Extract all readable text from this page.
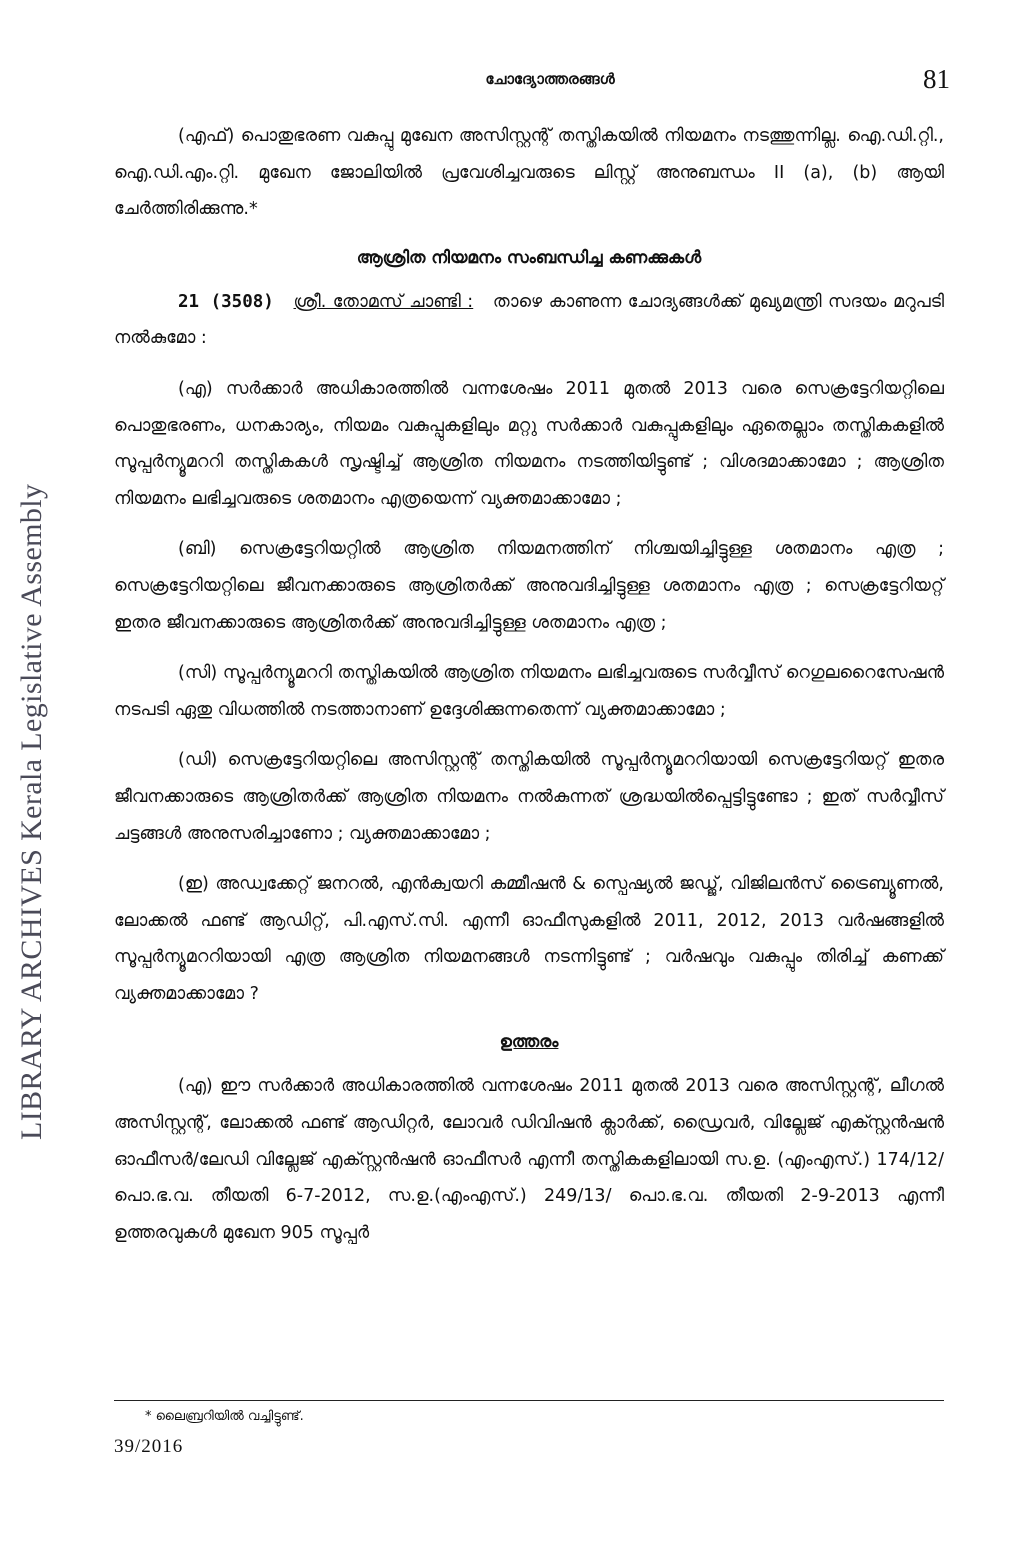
LIBRARY ARCHIVES Kerala Legislative Assembly
ചോദ്യോത്തരങ്ങൾ	81

(എഫ്) പൊതുഭരണ വകുപ്പു മുഖേന അസിസ്റ്റന്റ് തസ്തികയിൽ നിയമനം നടത്തുന്നില്ല. ഐ.ഡി.റ്റി., ഐ.ഡി.എം.റ്റി. മുഖേന ജോലിയിൽ പ്രവേശിച്ചവരുടെ ലിസ്റ്റ് അനുബന്ധം II (a), (b) ആയി ചേർത്തിരിക്കുന്നു.*

ആശ്രിത നിയമനം സംബന്ധിച്ച കണക്കുകൾ

21 (3508) ശ്രീ. തോമസ് ചാണ്ടി : താഴെ കാണുന്ന ചോദ്യങ്ങൾക്ക് മുഖ്യമന്ത്രി സദയം മറുപടി നൽകുമോ :

(എ) സർക്കാർ അധികാരത്തിൽ വന്നശേഷം 2011 മുതൽ 2013 വരെ സെക്രട്ടേറിയറ്റിലെ പൊതുഭരണം, ധനകാര്യം, നിയമം വകുപ്പുകളിലും മറ്റു സർക്കാർ വകുപ്പുകളിലും ഏതെല്ലാം തസ്തികകളിൽ സൂപ്പർന്യൂമററി തസ്തികകൾ സൃഷ്ടിച്ച് ആശ്രിത നിയമനം നടത്തിയിട്ടുണ്ട് ; വിശദമാക്കാമോ ; ആശ്രിത നിയമനം ലഭിച്ചവരുടെ ശതമാനം എത്രയെന്ന് വ്യക്തമാക്കാമോ ;

(ബി) സെക്രട്ടേറിയറ്റിൽ ആശ്രിത നിയമനത്തിന് നിശ്ചയിച്ചിട്ടുള്ള ശതമാനം എത്ര ; സെക്രട്ടേറിയറ്റിലെ ജീവനക്കാരുടെ ആശ്രിതർക്ക് അനുവദിച്ചിട്ടുള്ള ശതമാനം എത്ര ; സെക്രട്ടേറിയറ്റ് ഇതര ജീവനക്കാരുടെ ആശ്രിതർക്ക് അനുവദിച്ചിട്ടുള്ള ശതമാനം എത്ര ;

(സി) സൂപ്പർന്യൂമററി തസ്തികയിൽ ആശ്രിത നിയമനം ലഭിച്ചവരുടെ സർവ്വീസ് റെഗുലറൈസേഷൻ നടപടി ഏതു വിധത്തിൽ നടത്താനാണ് ഉദ്ദേശിക്കുന്നതെന്ന് വ്യക്തമാക്കാമോ ;

(ഡി) സെക്രട്ടേറിയറ്റിലെ അസിസ്റ്റന്റ് തസ്തികയിൽ സൂപ്പർന്യൂമററിയായി സെക്രട്ടേറിയറ്റ് ഇതര ജീവനക്കാരുടെ ആശ്രിതർക്ക് ആശ്രിത നിയമനം നൽകുന്നത് ശ്രദ്ധയിൽപ്പെട്ടിട്ടുണ്ടോ ; ഇത് സർവ്വീസ് ചട്ടങ്ങൾ അനുസരിച്ചാണോ ; വ്യക്തമാക്കാമോ ;

(ഇ) അഡ്വക്കേറ്റ് ജനറൽ, എൻക്വയറി കമ്മീഷൻ & സ്പെഷ്യൽ ജഡ്ജ്, വിജിലൻസ് ട്രൈബ്യൂണൽ, ലോക്കൽ ഫണ്ട് ആഡിറ്റ്, പി.എസ്.സി. എന്നീ ഓഫീസുകളിൽ 2011, 2012, 2013 വർഷങ്ങളിൽ സൂപ്പർന്യൂമററിയായി എത്ര ആശ്രിത നിയമനങ്ങൾ നടന്നിട്ടുണ്ട് ; വർഷവും വകുപ്പും തിരിച്ച് കണക്ക് വ്യക്തമാക്കാമോ ?

ഉത്തരം

(എ) ഈ സർക്കാർ അധികാരത്തിൽ വന്നശേഷം 2011 മുതൽ 2013 വരെ അസിസ്റ്റന്റ്, ലീഗൽ അസിസ്റ്റന്റ്, ലോക്കൽ ഫണ്ട് ആഡിറ്റർ, ലോവർ ഡിവിഷൻ ക്ലാർക്ക്, ഡ്രൈവർ, വില്ലേജ് എക്സ്റ്റൻഷൻ ഓഫീസർ/ലേഡി വില്ലേജ് എക്സ്റ്റൻഷൻ ഓഫീസർ എന്നീ തസ്തികകളിലായി സ.ഉ. (എംഎസ്.) 174/12/പൊ.ഭ.വ. തീയതി 6-7-2012, സ.ഉ.(എംഎസ്.) 249/13/ പൊ.ഭ.വ. തീയതി 2-9-2013 എന്നീ ഉത്തരവുകൾ മുഖേന 905 സൂപ്പർ

* ലൈബ്രറിയിൽ വച്ചിട്ടുണ്ട്.
39/2016
